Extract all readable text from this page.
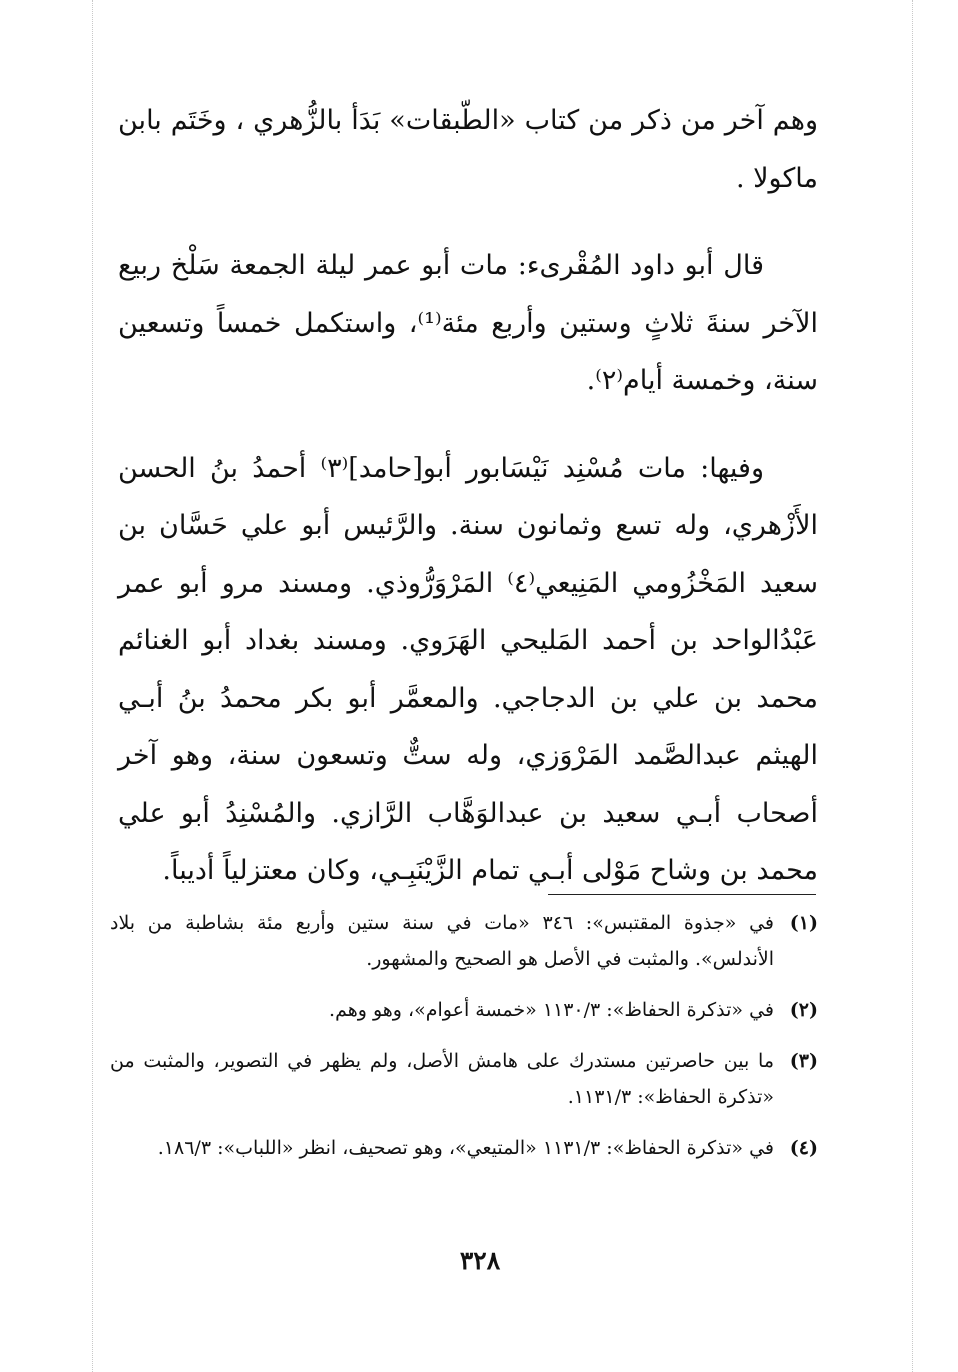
وهم آخر من ذكر من كتاب «الطّبقات» بَدَأ بالزُّهري ، وخَتَم بابن ماكولا .

قال أبو داود المُقْرىء: مات أبو عمر ليلة الجمعة سَلْخ ربيع الآخر سنةَ ثلاثٍ وستين وأربع مئة⁽¹⁾، واستكمل خمساً وتسعين سنة، وخمسة أيام⁽٢⁾.

وفيها: مات مُسْنِد نَيْسَابور أبو[حامد]⁽٣⁾ أحمدُ بنُ الحسن الأَزْهري، وله تسع وثمانون سنة. والرَّئيس أبو علي حَسَّان بن سعيد المَخْزُومي المَنِيعي⁽٤⁾ المَرْوَرُّوذي. ومسند مرو أبو عمر عَبْدُالواحد بن أحمد المَليحي الهَرَوي. ومسند بغداد أبو الغنائم محمد بن علي بن الدجاجي. والمعمَّر أبو بكر محمدُ بنُ أبـي الهيثم عبدالصَّمد المَرْوَزي، وله ستٌّ وتسعون سنة، وهو آخر أصحاب أبـي سعيد بن عبدالوَهَّاب الرَّازي. والمُسْنِدُ أبو علي محمد بن وشاح مَوْلى أبـي تمام الزَّيْنَبِـي، وكان معتزلياً أديباً.

(١)
في «جذوة المقتبس»: ٣٤٦ «مات في سنة ستين وأربع مئة بشاطبة من بلاد الأندلس». والمثبت في الأصل هو الصحيح والمشهور.
(٢)
في «تذكرة الحفاظ»: ١١٣٠/٣ «خمسة أعوام»، وهو وهم.
(٣)
ما بين حاصرتين مستدرك على هامش الأصل، ولم يظهر في التصوير، والمثبت من «تذكرة الحفاظ»: ١١٣١/٣.
(٤)
في «تذكرة الحفاظ»: ١١٣١/٣ «المتيعي»، وهو تصحيف، انظر «اللباب»: ١٨٦/٣.
٣٢٨
